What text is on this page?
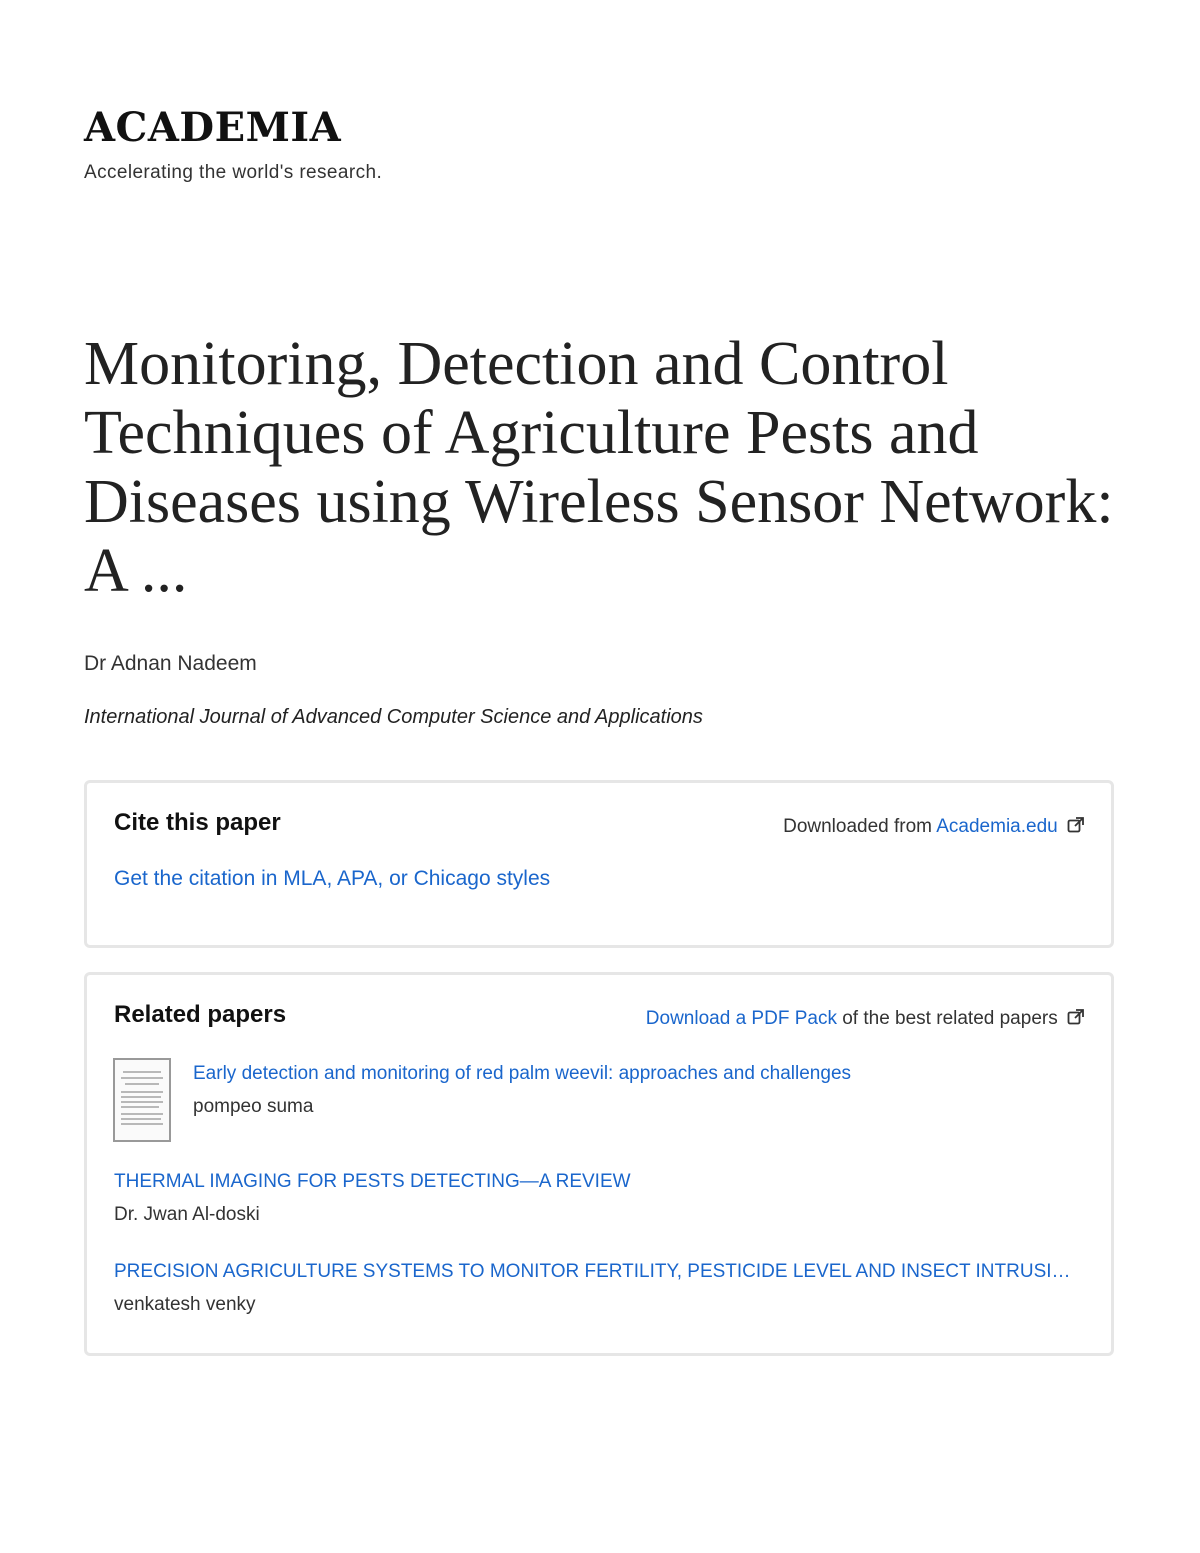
ACADEMIA
Accelerating the world's research.
Monitoring, Detection and Control Techniques of Agriculture Pests and Diseases using Wireless Sensor Network: A ...
Dr Adnan Nadeem
International Journal of Advanced Computer Science and Applications
Cite this paper	Downloaded from Academia.edu
Get the citation in MLA, APA, or Chicago styles
Related papers	Download a PDF Pack of the best related papers
Early detection and monitoring of red palm weevil: approaches and challenges
pompeo suma
THERMAL IMAGING FOR PESTS DETECTING—A REVIEW
Dr. Jwan Al-doski
PRECISION AGRICULTURE SYSTEMS TO MONITOR FERTILITY, PESTICIDE LEVEL AND INSECT INTRUSI…
venkatesh venky
